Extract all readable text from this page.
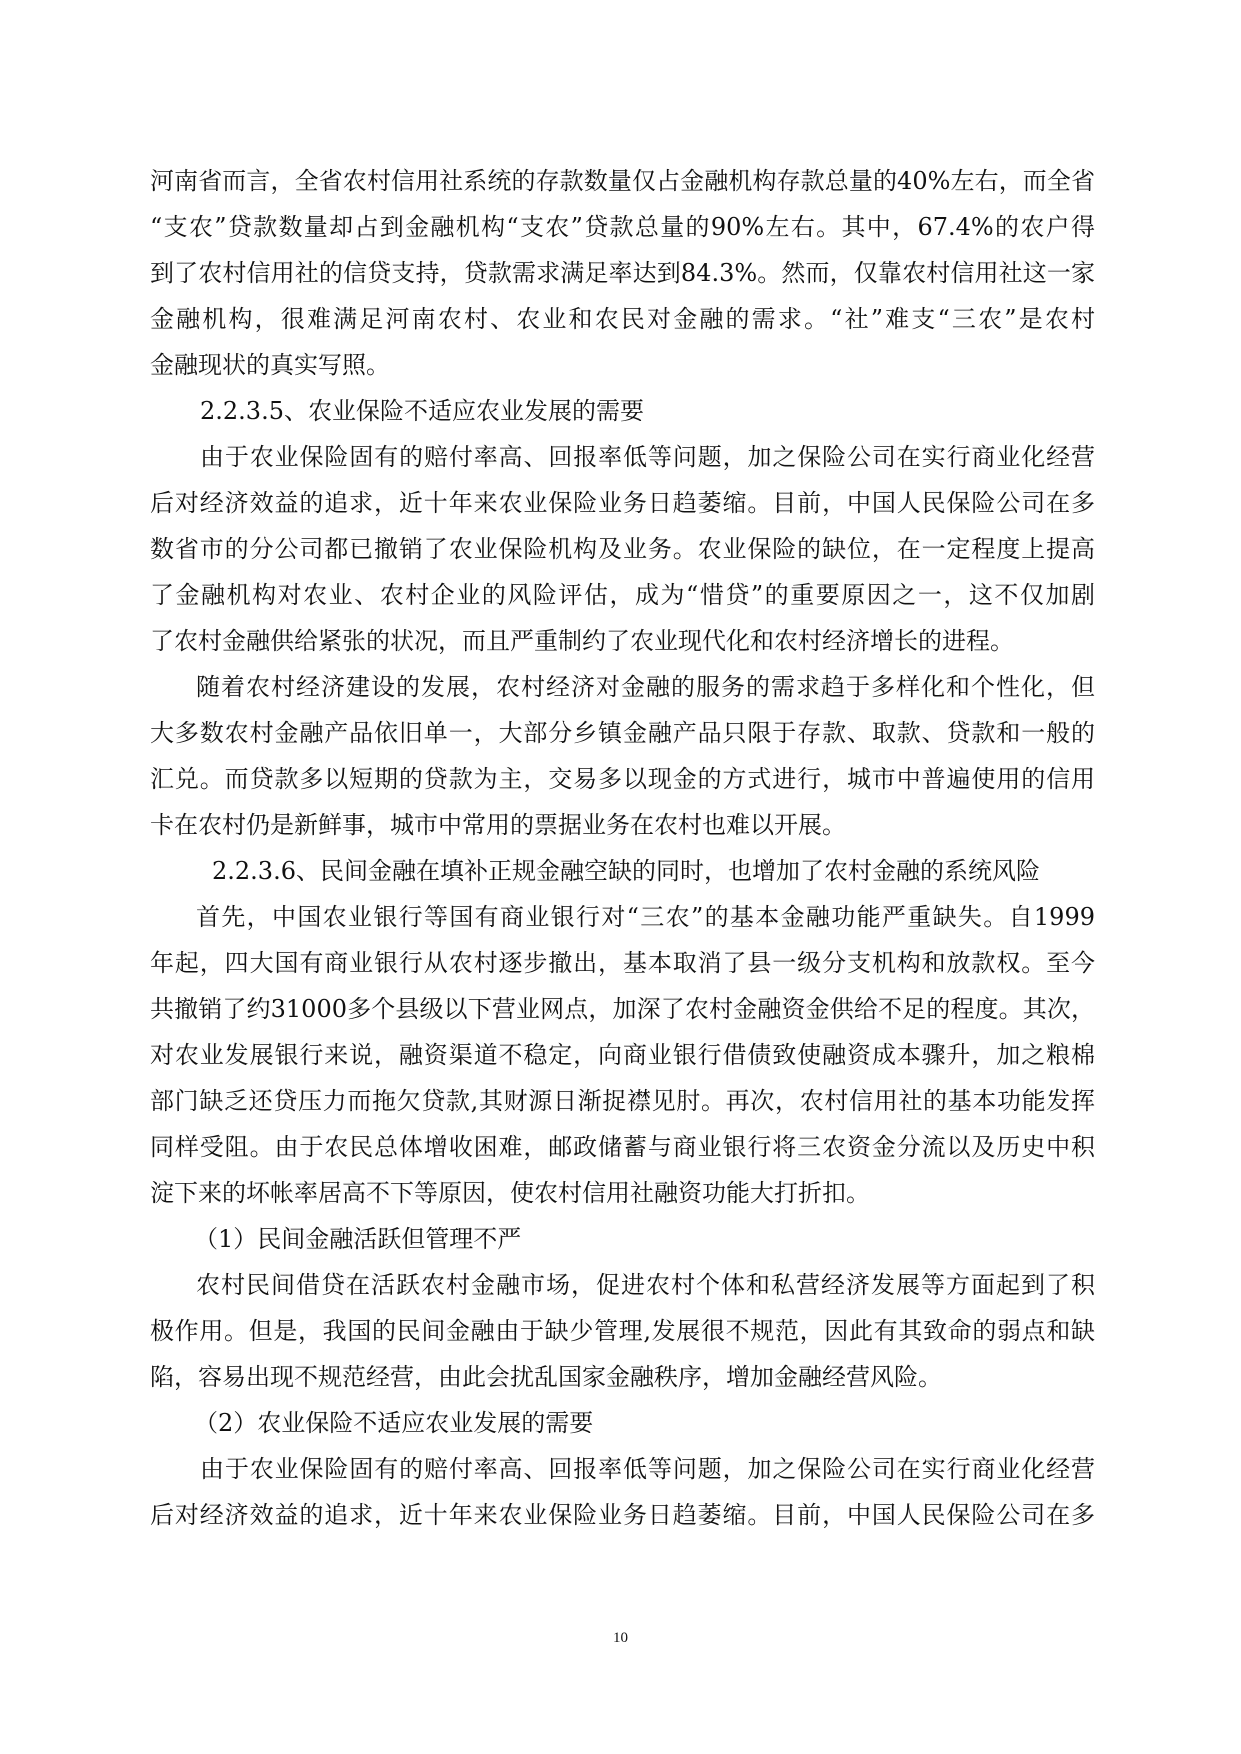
河南省而言，全省农村信用社系统的存款数量仅占金融机构存款总量的40%左右，而全省
“支农”贷款数量却占到金融机构“支农”贷款总量的90%左右。其中，67.4%的农户得
到了农村信用社的信贷支持，贷款需求满足率达到84.3%。然而，仅靠农村信用社这一家
金融机构，很难满足河南农村、农业和农民对金融的需求。“社”难支“三农”是农村
金融现状的真实写照。
2.2.3.5、农业保险不适应农业发展的需要
由于农业保险固有的赔付率高、回报率低等问题，加之保险公司在实行商业化经营
后对经济效益的追求，近十年来农业保险业务日趋萎缩。目前，中国人民保险公司在多
数省市的分公司都已撤销了农业保险机构及业务。农业保险的缺位，在一定程度上提高
了金融机构对农业、农村企业的风险评估，成为“惜贷”的重要原因之一，这不仅加剧
了农村金融供给紧张的状况，而且严重制约了农业现代化和农村经济增长的进程。
随着农村经济建设的发展，农村经济对金融的服务的需求趋于多样化和个性化，但
大多数农村金融产品依旧单一，大部分乡镇金融产品只限于存款、取款、贷款和一般的
汇兑。而贷款多以短期的贷款为主，交易多以现金的方式进行，城市中普遍使用的信用
卡在农村仍是新鲜事，城市中常用的票据业务在农村也难以开展。
2.2.3.6、民间金融在填补正规金融空缺的同时，也增加了农村金融的系统风险
首先，中国农业银行等国有商业银行对“三农”的基本金融功能严重缺失。自1999
年起，四大国有商业银行从农村逐步撤出，基本取消了县一级分支机构和放款权。至今
共撤销了约31000多个县级以下营业网点，加深了农村金融资金供给不足的程度。其次，
对农业发展银行来说，融资渠道不稳定，向商业银行借债致使融资成本骤升，加之粮棉
部门缺乏还贷压力而拖欠贷款,其财源日渐捉襟见肘。再次，农村信用社的基本功能发挥
同样受阻。由于农民总体增收困难，邮政储蓄与商业银行将三农资金分流以及历史中积
淀下来的坏帐率居高不下等原因，使农村信用社融资功能大打折扣。
（1）民间金融活跃但管理不严
农村民间借贷在活跃农村金融市场，促进农村个体和私营经济发展等方面起到了积
极作用。但是，我国的民间金融由于缺少管理,发展很不规范，因此有其致命的弱点和缺
陷，容易出现不规范经营，由此会扰乱国家金融秩序，增加金融经营风险。
（2）农业保险不适应农业发展的需要
由于农业保险固有的赔付率高、回报率低等问题，加之保险公司在实行商业化经营
后对经济效益的追求，近十年来农业保险业务日趋萎缩。目前，中国人民保险公司在多
10
